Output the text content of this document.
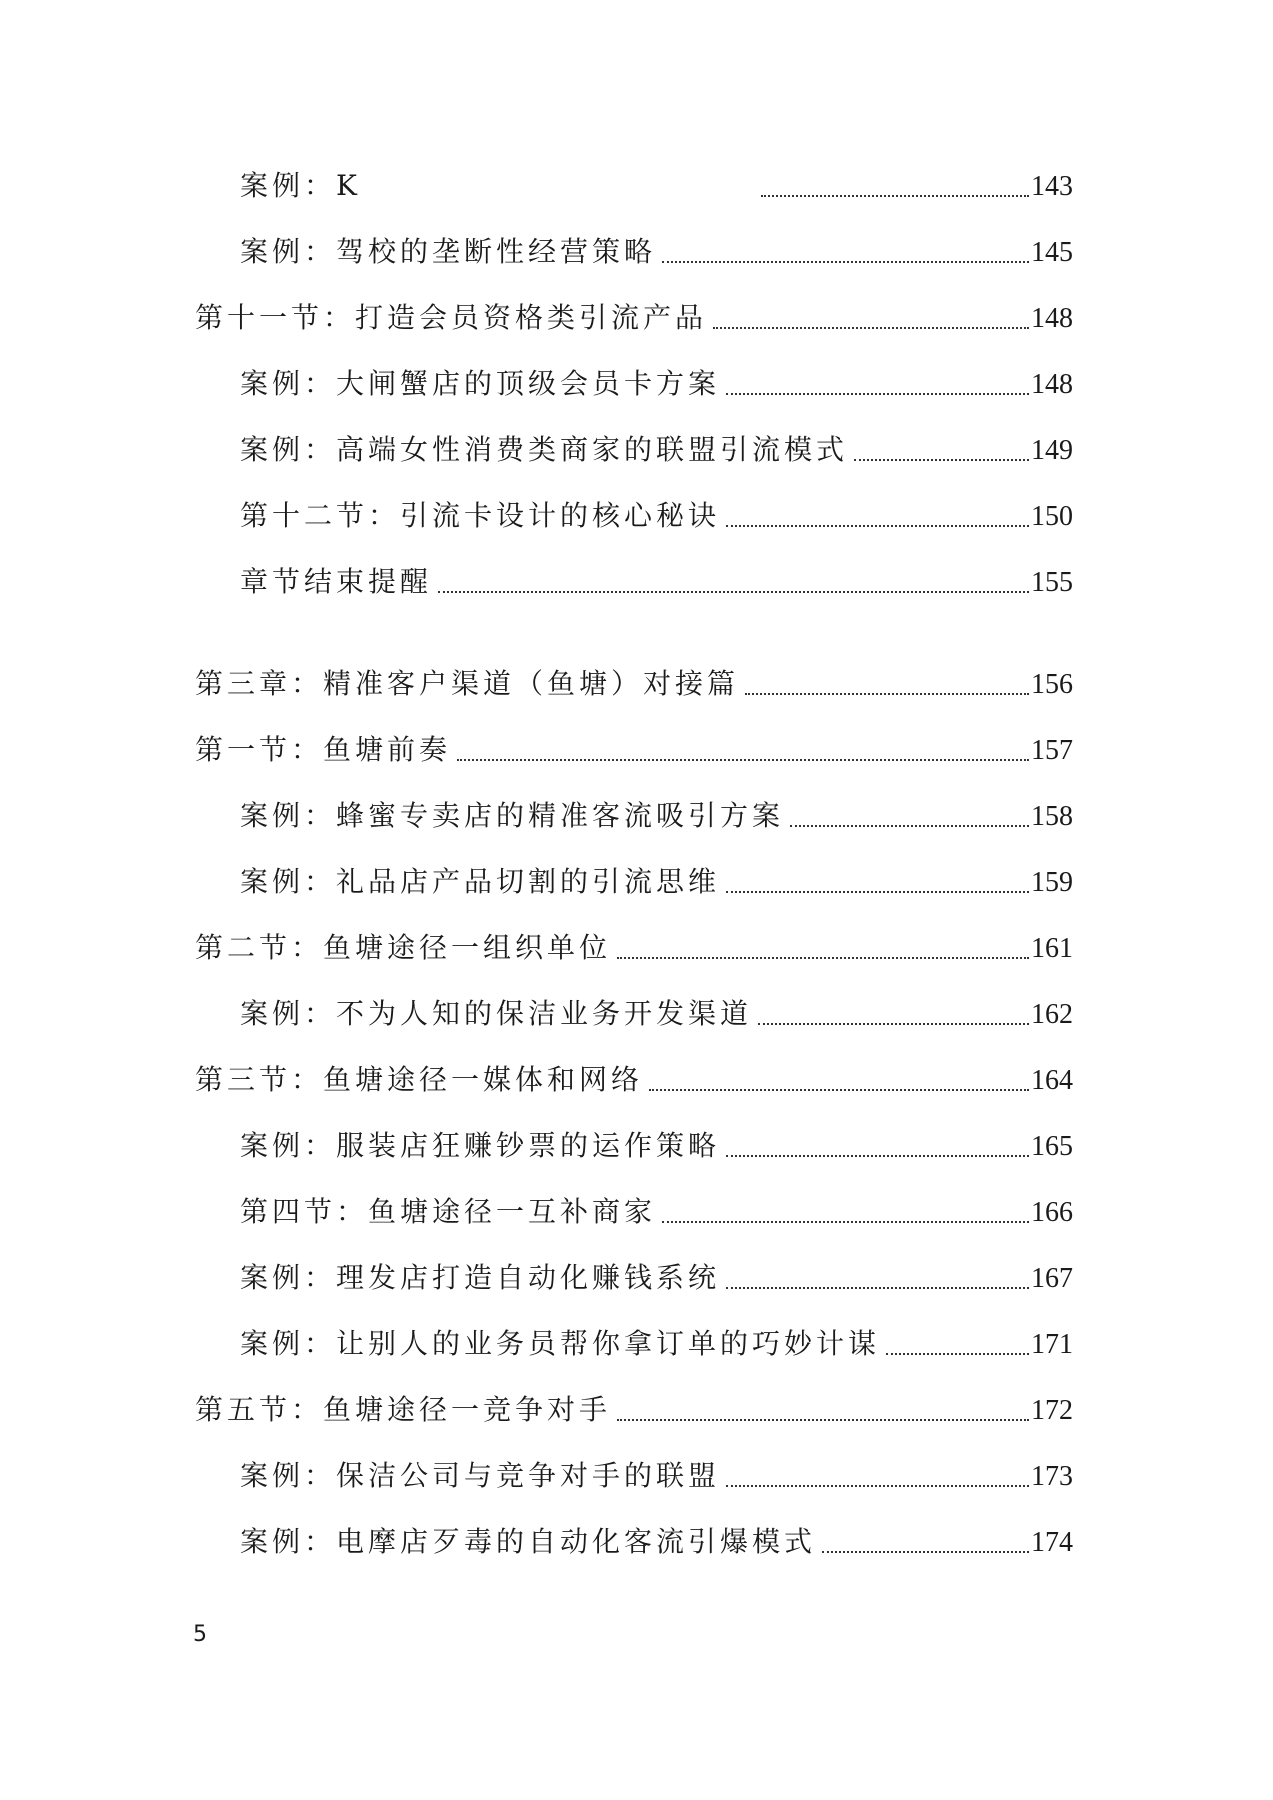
案例：K	143
案例：驾校的垄断性经营策略	145
第十一节：打造会员资格类引流产品	148
案例：大闸蟹店的顶级会员卡方案	148
案例：高端女性消费类商家的联盟引流模式	149
第十二节：引流卡设计的核心秘诀	150
章节结束提醒	155
第三章：精准客户渠道（鱼塘）对接篇	156
第一节：鱼塘前奏	157
案例：蜂蜜专卖店的精准客流吸引方案	158
案例：礼品店产品切割的引流思维	159
第二节：鱼塘途径一组织单位	161
案例：不为人知的保洁业务开发渠道	162
第三节：鱼塘途径一媒体和网络	164
案例：服装店狂赚钞票的运作策略	165
第四节：鱼塘途径一互补商家	166
案例：理发店打造自动化赚钱系统	167
案例：让别人的业务员帮你拿订单的巧妙计谋	171
第五节：鱼塘途径一竞争对手	172
案例：保洁公司与竞争对手的联盟	173
案例：电摩店歹毒的自动化客流引爆模式	174
5
